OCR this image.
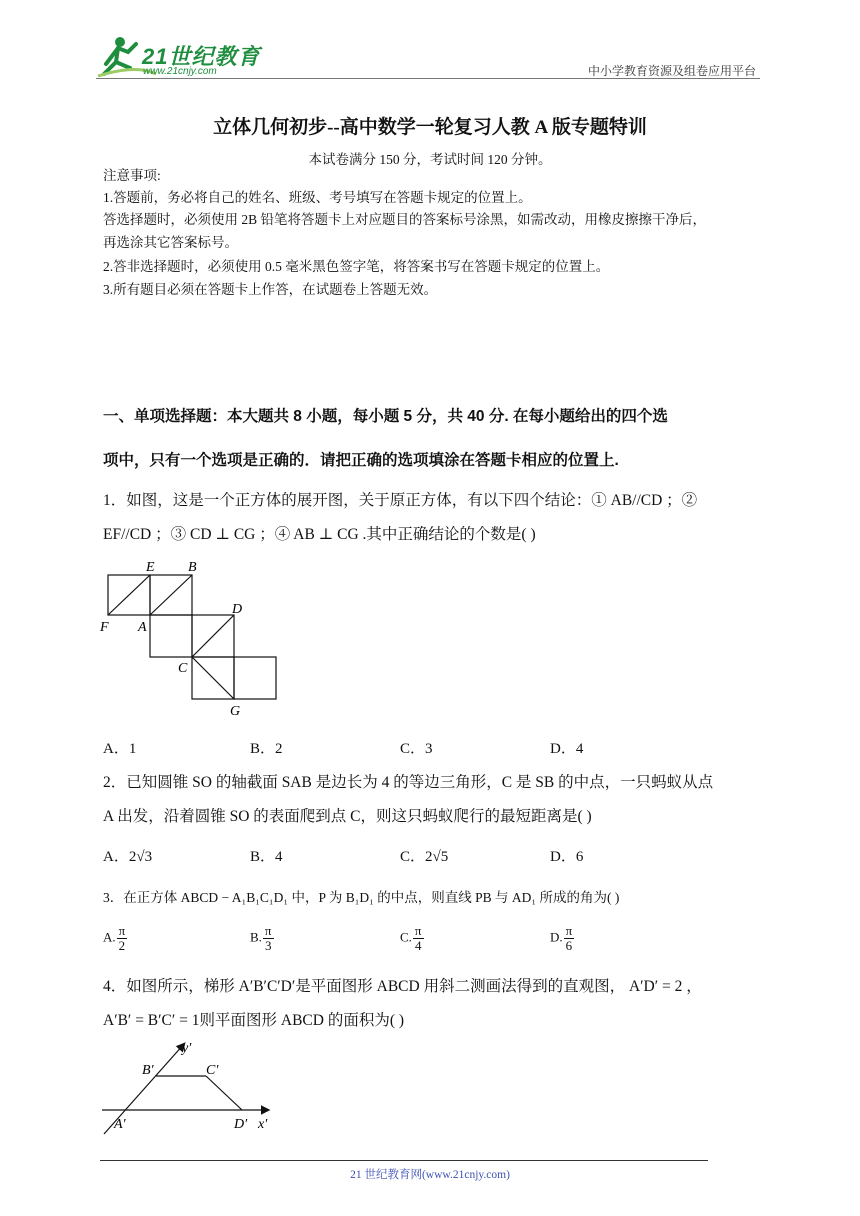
21世纪教育
www.21cnjy.com	中小学教育资源及组卷应用平台
立体几何初步--高中数学一轮复习人教 A 版专题特训
本试卷满分 150 分，考试时间 120 分钟。
注意事项:
1.答题前，务必将自己的姓名、班级、考号填写在答题卡规定的位置上。
答选择题时，必须使用 2B 铅笔将答题卡上对应题目的答案标号涂黑，如需改动，用橡皮擦擦干净后，
再选涂其它答案标号。
2.答非选择题时，必须使用 0.5 毫米黑色签字笔，将答案书写在答题卡规定的位置上。
3.所有题目必须在答题卡上作答，在试题卷上答题无效。
一、单项选择题：本大题共 8 小题，每小题 5 分，共 40 分. 在每小题给出的四个选
项中，只有一个选项是正确的．请把正确的选项填涂在答题卡相应的位置上.
1．如图，这是一个正方体的展开图，关于原正方体，有以下四个结论：① AB//CD ；②
EF//CD ；③ CD ⊥ CG ；④ AB ⊥ CG .其中正确结论的个数是( )
E B
D
F A
C
G
A．1	B．2	C．3	D．4
2．已知圆锥 SO 的轴截面 SAB 是边长为 4 的等边三角形，C 是 SB 的中点，一只蚂蚁从点
A 出发，沿着圆锥 SO 的表面爬到点 C，则这只蚂蚁爬行的最短距离是( )
A．2√3	B．4	C．2√5	D．6
3．在正方体 ABCD − A₁B₁C₁D₁ 中，P 为 B₁D₁ 的中点，则直线 PB 与 AD₁ 所成的角为( )
A. $\frac{\pi}{2}$	B. $\frac{\pi}{3}$	C. $\frac{\pi}{4}$	D. $\frac{\pi}{6}$
4．如图所示，梯形 A′B′C′D′是平面图形 ABCD 用斜二测画法得到的直观图， A′D′ = 2 ，
A′B′ = B′C′ = 1则平面图形 ABCD 的面积为( )
y′
B′	C′
A′	D′ x′
21 世纪教育网(www.21cnjy.com)
